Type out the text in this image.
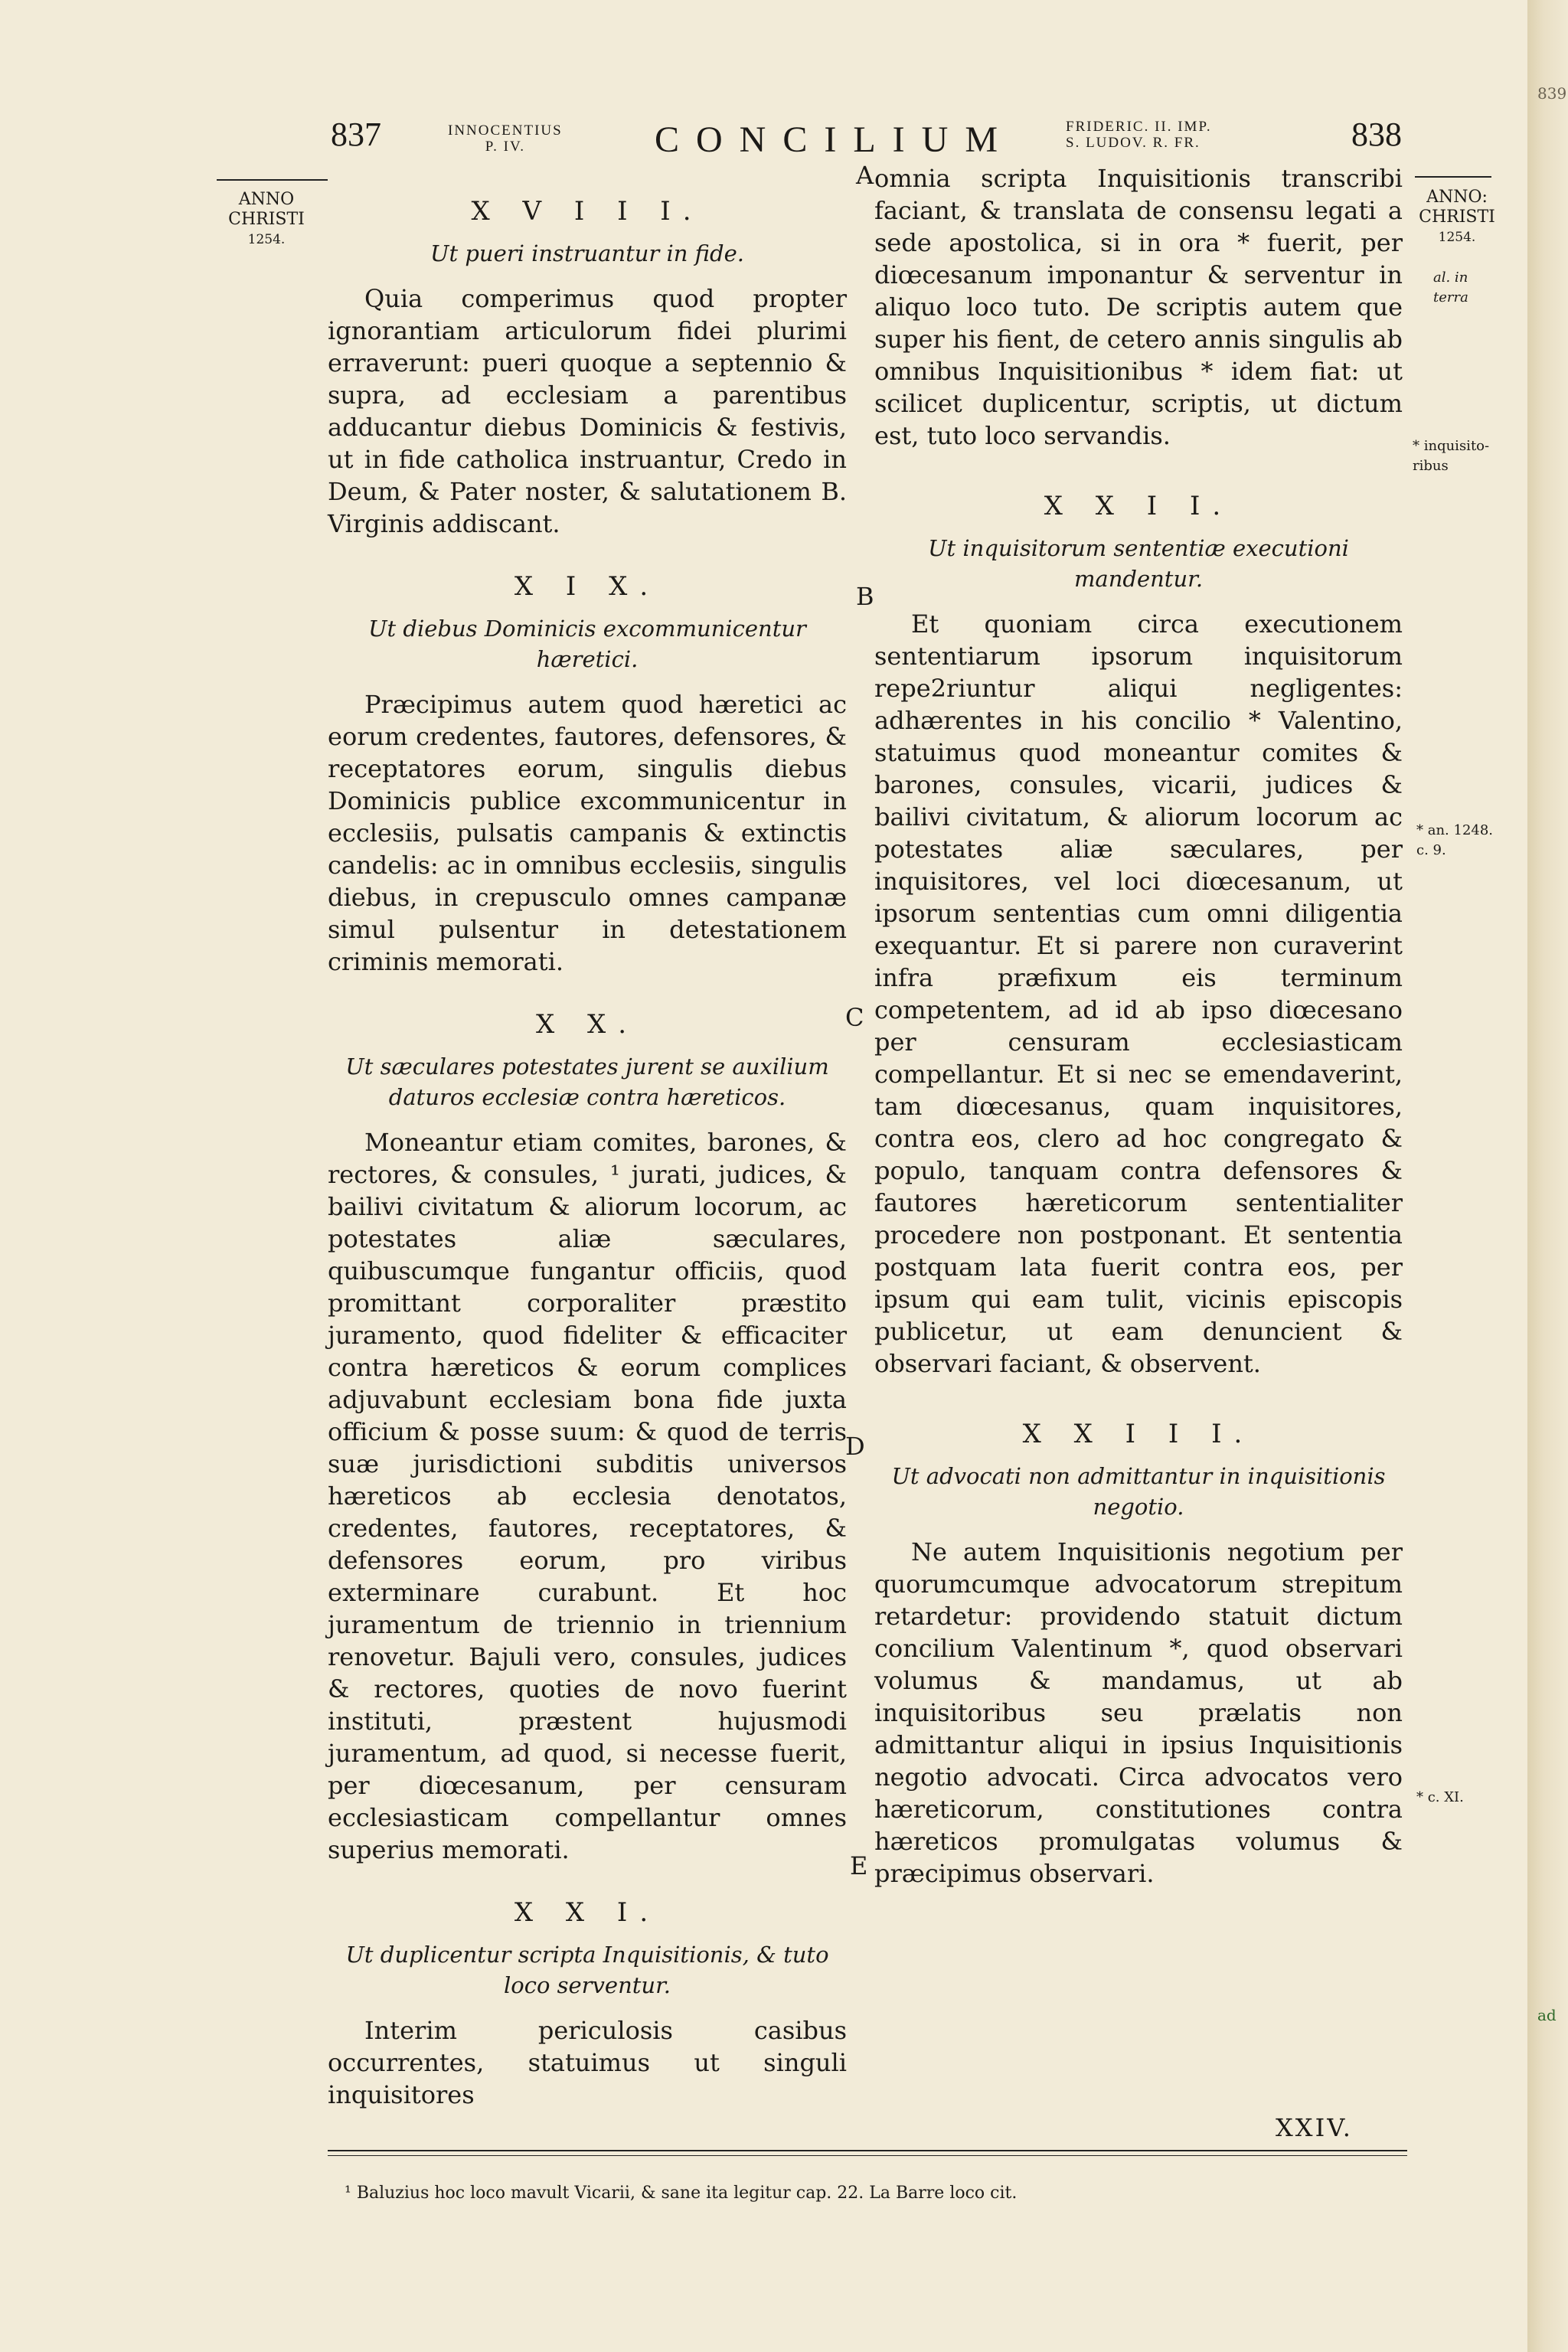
839
ad
837	INNOCENTIUS
P. IV.	CONCILIUM	FRIDERIC. II. IMP.
S. LUDOV. R. FR.	838
ANNO
CHRISTI
1254.
ANNO:
CHRISTI
1254.
al. in terra
* inquisito- ribus
* an. 1248. c. 9.
* c. XI.
A
B
C
D
E

X V I I I.

Ut pueri instruantur in fide.

Quia comperimus quod propter ignorantiam articulorum fidei plurimi erraverunt: pueri quoque a septennio & supra, ad ecclesiam a parentibus adducantur diebus Dominicis & festivis, ut in fide catholica instruantur, Credo in Deum, & Pater noster, & salutationem B. Virginis addiscant.

X I X.

Ut diebus Dominicis excommunicentur hæretici.

Præcipimus autem quod hæretici ac eorum credentes, fautores, defensores, & receptatores eorum, singulis diebus Dominicis publice excommunicentur in ecclesiis, pulsatis campanis & extinctis candelis: ac in omnibus ecclesiis, singulis diebus, in crepusculo omnes campanæ simul pulsentur in detestationem criminis memorati.

X X.

Ut sæculares potestates jurent se auxilium daturos ecclesiæ contra hæreticos.

Moneantur etiam comites, barones, & rectores, & consules, ¹ jurati, judices, & bailivi civitatum & aliorum locorum, ac potestates aliæ sæculares, quibuscumque fungantur officiis, quod promittant corporaliter præstito juramento, quod fideliter & efficaciter contra hæreticos & eorum complices adjuvabunt ecclesiam bona fide juxta officium & posse suum: & quod de terris suæ jurisdictioni subditis universos hæreticos ab ecclesia denotatos, credentes, fautores, receptatores, & defensores eorum, pro viribus exterminare curabunt. Et hoc juramentum de triennio in triennium renovetur. Bajuli vero, consules, judices & rectores, quoties de novo fuerint instituti, præstent hujusmodi juramentum, ad quod, si necesse fuerit, per diœcesanum, per censuram ecclesiasticam compellantur omnes superius memorati.

X X I.

Ut duplicentur scripta Inquisitionis, & tuto loco serventur.

Interim periculosis casibus occurrentes, statuimus ut singuli inquisitores

omnia scripta Inquisitionis transcribi faciant, & translata de consensu legati a sede apostolica, si in ora * fuerit, per diœcesanum imponantur & serventur in aliquo loco tuto. De scriptis autem que super his fient, de cetero annis singulis ab omnibus Inquisitionibus * idem fiat: ut scilicet duplicentur, scriptis, ut dictum est, tuto loco servandis.

X X I I.

Ut inquisitorum sententiæ executioni mandentur.

Et quoniam circa executionem sententiarum ipsorum inquisitorum repe2riuntur aliqui negligentes: adhærentes in his concilio * Valentino, statuimus quod moneantur comites & barones, consules, vicarii, judices & bailivi civitatum, & aliorum locorum ac potestates aliæ sæculares, per inquisitores, vel loci diœcesanum, ut ipsorum sententias cum omni diligentia exequantur. Et si parere non curaverint infra præfixum eis terminum competentem, ad id ab ipso diœcesano per censuram ecclesiasticam compellantur. Et si nec se emendaverint, tam diœcesanus, quam inquisitores, contra eos, clero ad hoc congregato & populo, tanquam contra defensores & fautores hæreticorum sententialiter procedere non postponant. Et sententia postquam lata fuerit contra eos, per ipsum qui eam tulit, vicinis episcopis publicetur, ut eam denuncient & observari faciant, & observent.

X X I I I.

Ut advocati non admittantur in inquisitionis negotio.

Ne autem Inquisitionis negotium per quorumcumque advocatorum strepitum retardetur: providendo statuit dictum concilium Valentinum *, quod observari volumus & mandamus, ut ab inquisitoribus seu prælatis non admittantur aliqui in ipsius Inquisitionis negotio advocati. Circa advocatos vero hæreticorum, constitutiones contra hæreticos promulgatas volumus & præcipimus observari.

XXIV.
¹ Baluzius hoc loco mavult Vicarii, & sane ita legitur cap. 22. La Barre loco cit.
